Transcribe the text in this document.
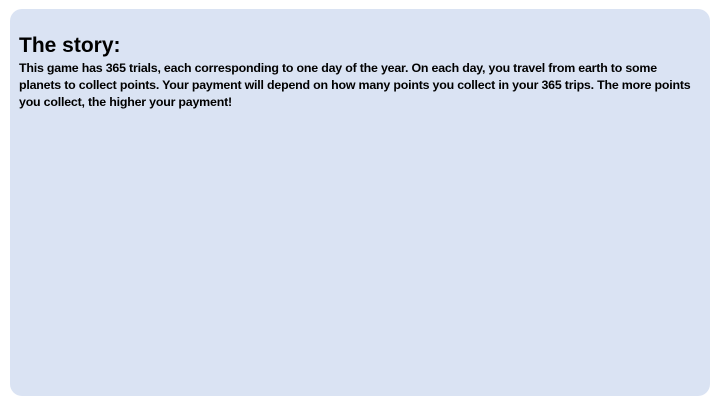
The story:

This game has 365 trials, each corresponding to one day of the year. On each day, you travel from earth to some planets to collect points. Your payment will depend on how many points you collect in your 365 trips. The more points you collect, the higher your payment!
